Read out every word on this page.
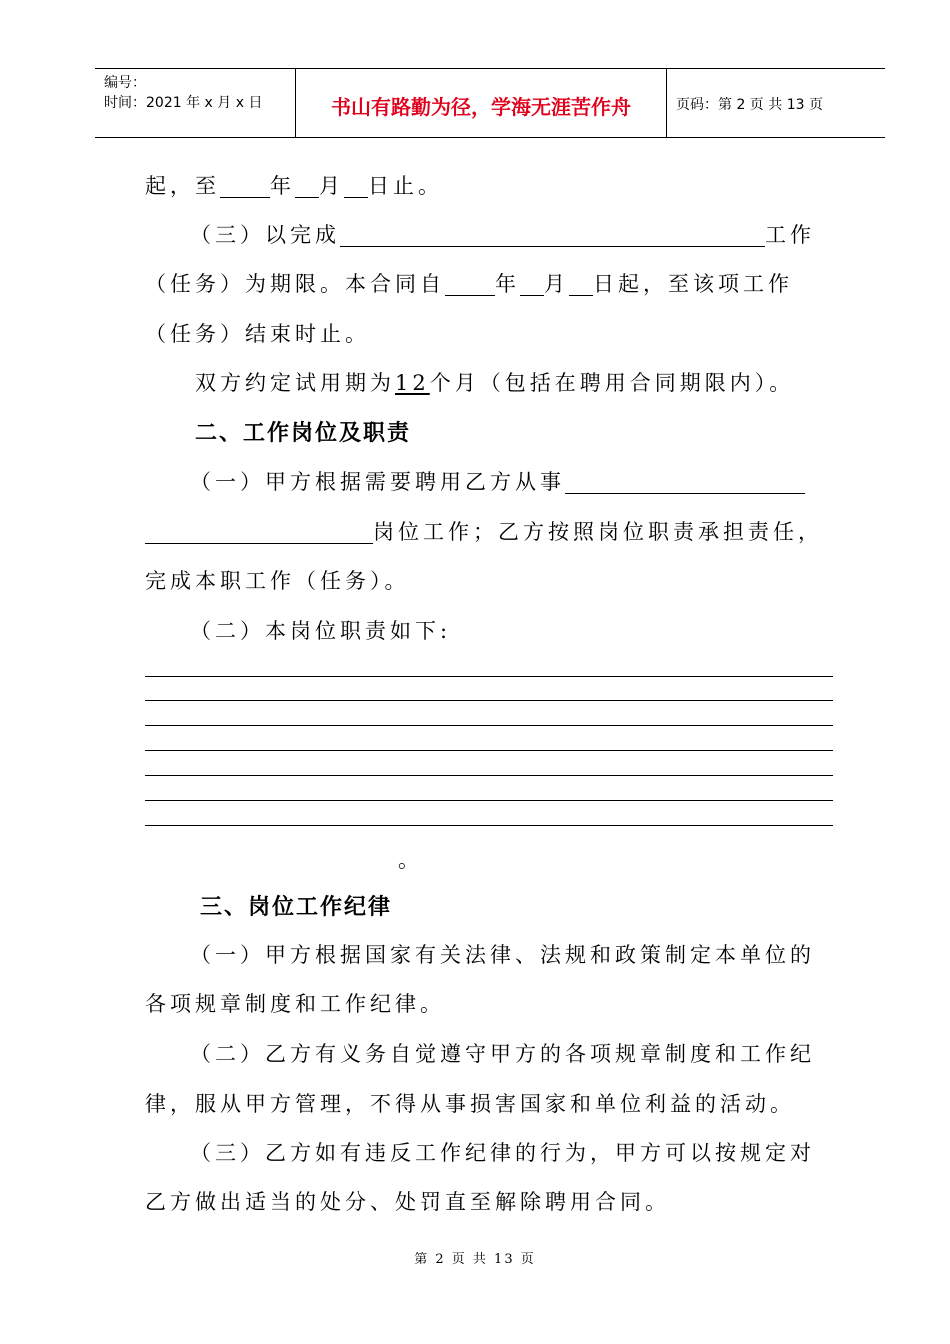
编号：
时间：2021 年 x 月 x 日	书山有路勤为径，学海无涯苦作舟	页码：第 2 页 共 13 页
起，至 年 月 日止。
（三）以完成	工作
（任务）为期限。本合同自 年 月 日起，至该项工作
（任务）结束时止。
双方约定试用期为12个月（包括在聘用合同期限内）。
二、工作岗位及职责
（一）甲方根据需要聘用乙方从事
岗位工作；乙方按照岗位职责承担责任，
完成本职工作（任务）。
（二）本岗位职责如下:
。
三、岗位工作纪律
（一）甲方根据国家有关法律、法规和政策制定本单位的
各项规章制度和工作纪律。
（二）乙方有义务自觉遵守甲方的各项规章制度和工作纪
律，服从甲方管理，不得从事损害国家和单位利益的活动。
（三）乙方如有违反工作纪律的行为，甲方可以按规定对
乙方做出适当的处分、处罚直至解除聘用合同。
第 2 页 共 13 页
